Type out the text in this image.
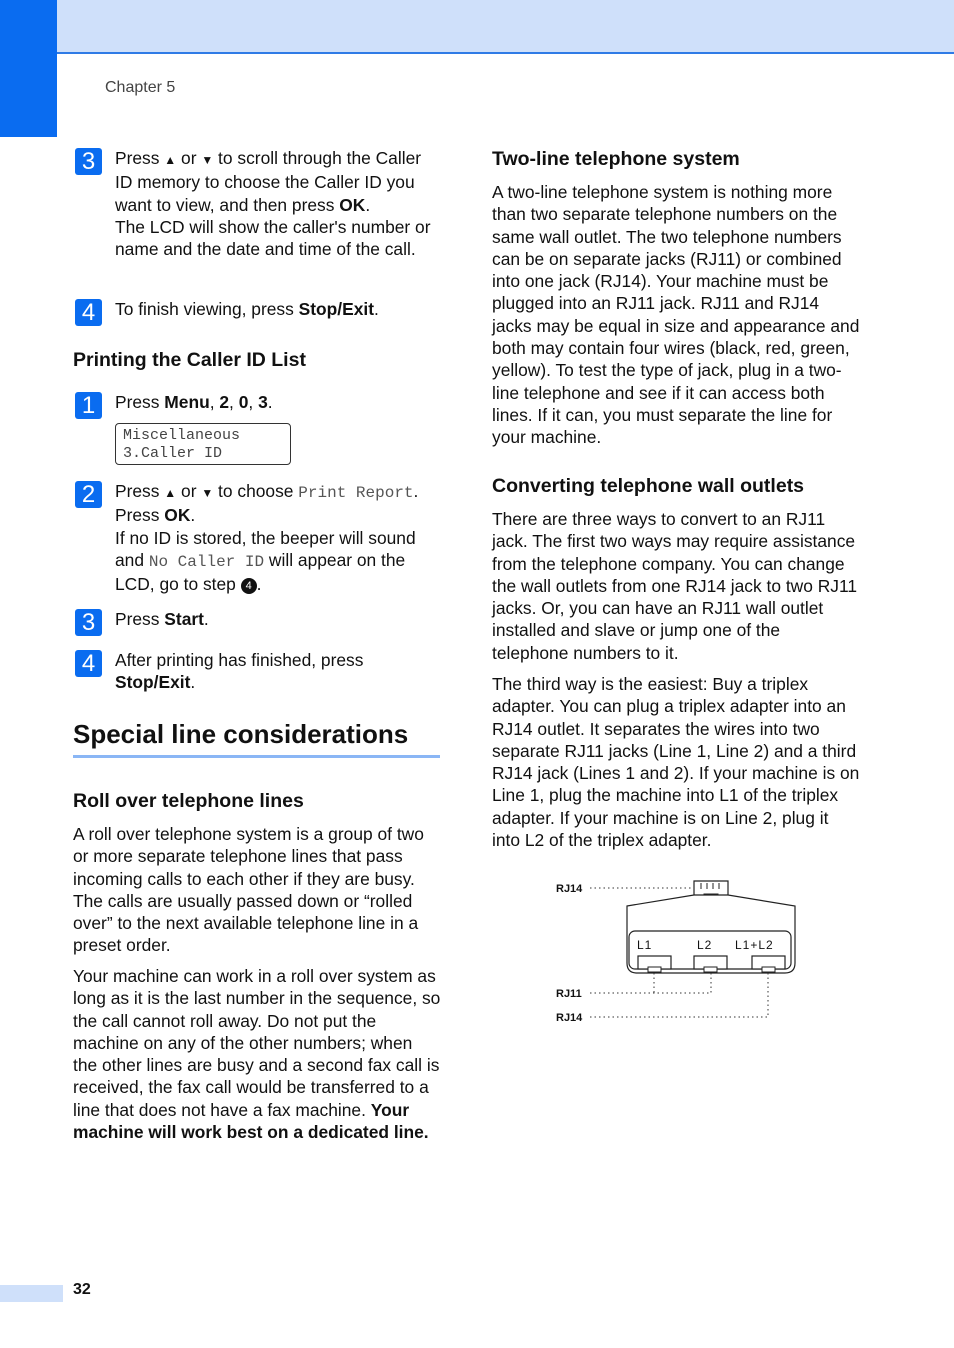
Chapter 5
3	Press ▲ or ▼ to scroll through the Caller ID memory to choose the Caller ID you want to view, and then press OK.
The LCD will show the caller's number or name and the date and time of the call.
4	To finish viewing, press Stop/Exit.
Printing the Caller ID List
1	Press Menu, 2, 0, 3.
Miscellaneous
3.Caller ID
2	Press ▲ or ▼ to choose Print Report.
Press OK.
If no ID is stored, the beeper will sound and No Caller ID will appear on the LCD, go to step 4 .
3	Press Start.
4	After printing has finished, press Stop/Exit.
Special line considerations
Roll over telephone lines
A roll over telephone system is a group of two or more separate telephone lines that pass incoming calls to each other if they are busy. The calls are usually passed down or “rolled over” to the next available telephone line in a preset order.
Your machine can work in a roll over system as long as it is the last number in the sequence, so the call cannot roll away. Do not put the machine on any of the other numbers; when the other lines are busy and a second fax call is received, the fax call would be transferred to a line that does not have a fax machine. Your machine will work best on a dedicated line.
Two-line telephone system
A two-line telephone system is nothing more than two separate telephone numbers on the same wall outlet. The two telephone numbers can be on separate jacks (RJ11) or combined into one jack (RJ14). Your machine must be plugged into an RJ11 jack. RJ11 and RJ14 jacks may be equal in size and appearance and both may contain four wires (black, red, green, yellow). To test the type of jack, plug in a two-line telephone and see if it can access both lines. If it can, you must separate the line for your machine.
Converting telephone wall outlets
There are three ways to convert to an RJ11 jack. The first two ways may require assistance from the telephone company. You can change the wall outlets from one RJ14 jack to two RJ11 jacks. Or, you can have an RJ11 wall outlet installed and slave or jump one of the telephone numbers to it.
The third way is the easiest: Buy a triplex adapter. You can plug a triplex adapter into an RJ14 outlet. It separates the wires into two separate RJ11 jacks (Line 1, Line 2) and a third RJ14 jack (Lines 1 and 2). If your machine is on Line 1, plug the machine into L1 of the triplex adapter. If your machine is on Line 2, plug it into L2 of the triplex adapter.
RJ14
L1	L2 L1+L2
RJ11
RJ14
32
